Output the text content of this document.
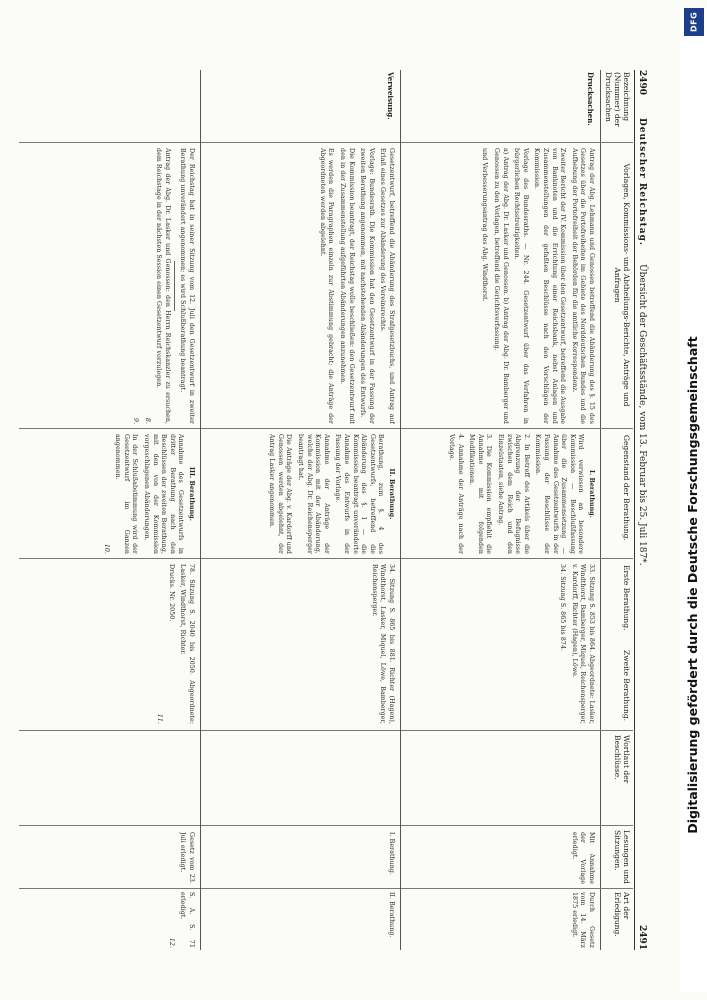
DFG
Digitalisierung gefördert durch die Deutsche Forschungsgemeinschaft
2490
Deutscher Reichstag.
Übersicht der Geschäftsstände, vom 13. Februar bis 25. Juli 187*.
2491
Bezeichnung (Nummer) der Drucksachen
Vorlagen, Kommissions- und Abtheilungs-Berichte, Anträge und Anfragen
Gegenstand der Berathung.
Erste Berathung.
Zweite Berathung.
Wortlaut der Beschlüsse.
Lesungen und Sitzungen.
Art der Erledigung.
Drucksachen.

Antrag der Abg. Lehmann und Genossen betreffend die Abänderung des §. 15 des Gesetzes über die Portofreiheiten im Gebiete des Norddeutschen Bundes und die Aufhebung der Portofreiheit der Behörden für die amtliche Korrespondenz.

Zweiter Bericht der IV. Kommission über den Gesetzentwurf, betreffend die Ausgabe von Banknoten und die Errichtung einer Reichsbank, nebst Anlagen und Zusammenstellungen der gefaßten Beschlüsse nach den Vorschlägen der Kommission.

Vorlage des Bundesraths. — Nr. 244. Gesetzentwurf über das Verfahren in bürgerlichen Rechtsstreitigkeiten.

a) Antrag der Abg. Dr. Lasker und Genossen. b) Antrag der Abg. Dr. Bamberger und Genossen zu den Vorlagen, betreffend die Gerichtsverfassung.

und Verbesserungsantrag des Abg. Windthorst.

I. Berathung.

Wird verwiesen an besondere Kommission — Beschlußfassung über die Zusammensetzung — Annahme des Gesetzentwurfs in der Fassung der Beschlüsse der Kommission.

2. In Betreff des Artikels über die Abgrenzung der Befugnisse zwischen dem Reich und den Einzelstaaten, siehe Antrag.

3. Die Kommission empfiehlt die Annahme mit folgenden Modifikationen.

4. Annahme der Anträge nach der Vorlage.

33. Sitzung S. 853 bis 864. Abgeordnete: Lasker, Windthorst, Bamberger, Miquel, Reichensperger, v. Kardorff, Richter (Hagen), Löwe.

34. Sitzung S. 865 bis 874.

Mit Annahme der Vorlage erledigt.

Durch Gesetz vom 14. März 1875 erledigt.

Verweisung.

Gesetzentwurf, betreffend die Abänderung des Strafgesetzbuchs, und Antrag auf Erlaß eines Gesetzes zur Abänderung des Vereinsrechts.

Vorlage: Bundesrath. Die Kommission hat den Gesetzentwurf in der Fassung der zweiten Berathung angenommen, mit nachstehenden Abänderungen des Entwurfs.

Die Kommission beantragt, der Reichstag wolle beschließen: den Gesetzentwurf mit den in der Zusammenstellung aufgeführten Abänderungen anzunehmen.

Es werden die Paragraphen einzeln zur Abstimmung gebracht; die Anträge der Abgeordneten werden abgelehnt.

II. Berathung.

Berathung, zum §. 4 des Gesetzentwurfs, betreffend die Abänderung des §. 1 — die Kommission beantragt unveränderte Annahme des Entwurfs in der Fassung der Vorlage.

Annahme der Anträge der Kommission mit der Abänderung, welche der Abg. Dr. Reichensperger beantragt hat.

Die Anträge der Abg. v. Kardorff und Genossen werden abgelehnt, der Antrag Lasker angenommen.

34. Sitzung S. 865 bis 881. Richter (Hagen), Windthorst, Lasker, Miquel, Löwe, Bamberger, Reichensperger.

I. Berathung.

II. Berathung.

Der Reichstag hat in seiner Sitzung vom 12. Juli den Gesetzentwurf in zweiter Berathung unverändert angenommen; es wird Schlußberathung beantragt.

Antrag der Abg. Dr. Lasker und Genossen: den Herrn Reichskanzler zu ersuchen, dem Reichstage in der nächsten Session einen Gesetzentwurf vorzulegen.

8.

9.

III. Berathung.

Annahme des Gesetzentwurfs in dritter Berathung nach den Beschlüssen der zweiten Berathung, mit den von der Kommission vorgeschlagenen Abänderungen.

In der Schlußabstimmung wird der Gesetzentwurf im Ganzen angenommen.

10.

78. Sitzung S. 2040 bis 2050. Abgeordnete: Lasker, Windthorst, Richter.

Drucks. Nr. 2050.

11.

Gesetz vom 23. Juli erledigt.

S. A. S. 71 erledigt.

12.
